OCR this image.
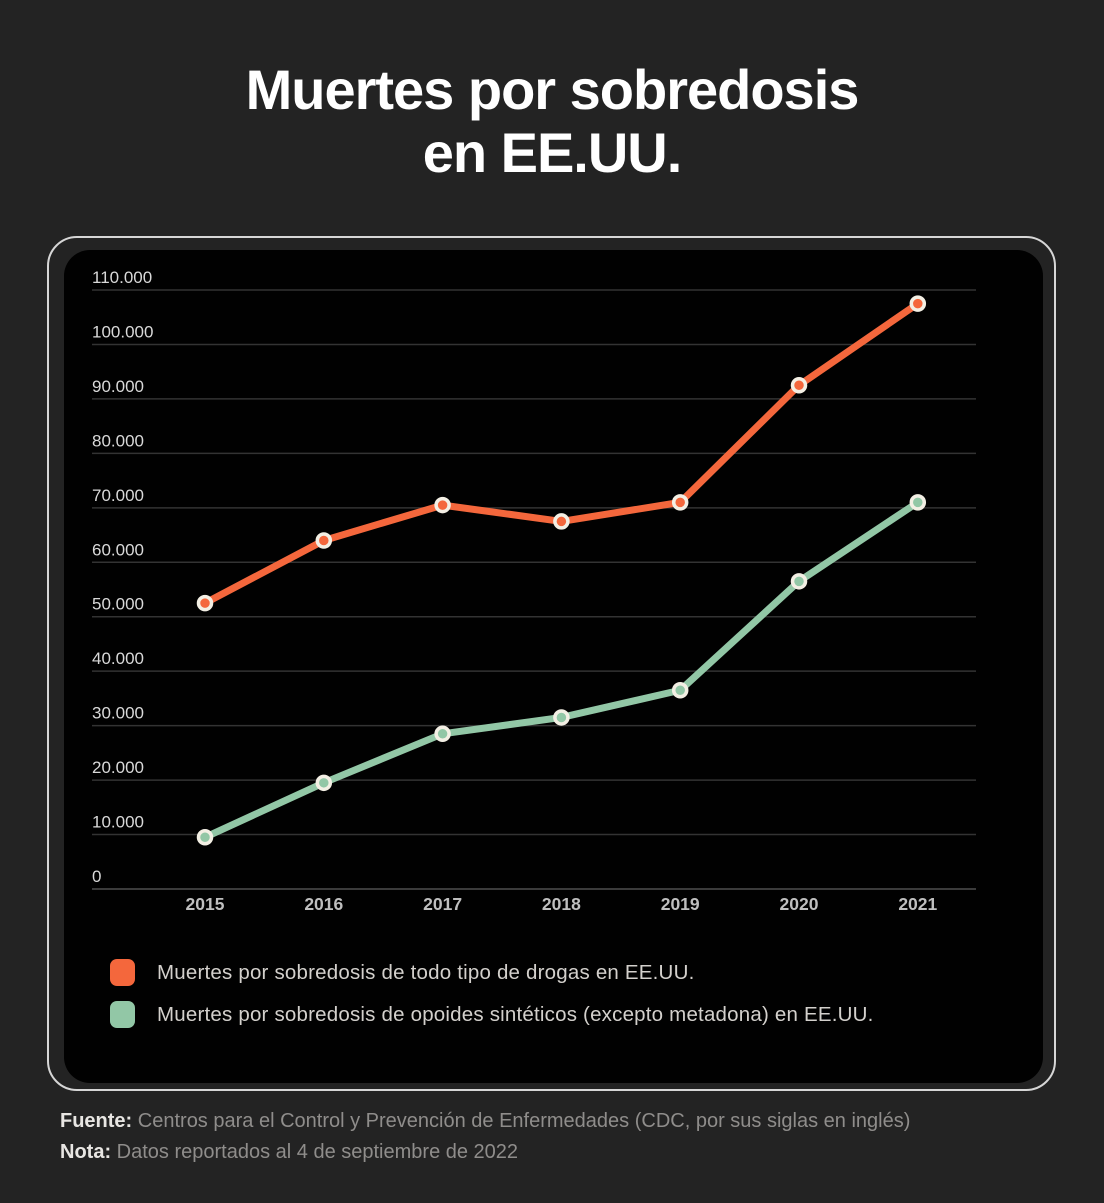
Muertes por sobredosis
en EE.UU.
0
10.000
20.000
30.000
40.000
50.000
60.000
70.000
80.000
90.000
100.000
110.000
2015	2016	2017	2018	2019	2020	2021
Muertes por sobredosis de todo tipo de drogas en EE.UU.
Muertes por sobredosis de opoides sintéticos (excepto metadona) en EE.UU.
Fuente: Centros para el Control y Prevención de Enfermedades (CDC, por sus siglas en inglés)
Nota: Datos reportados al 4 de septiembre de 2022
